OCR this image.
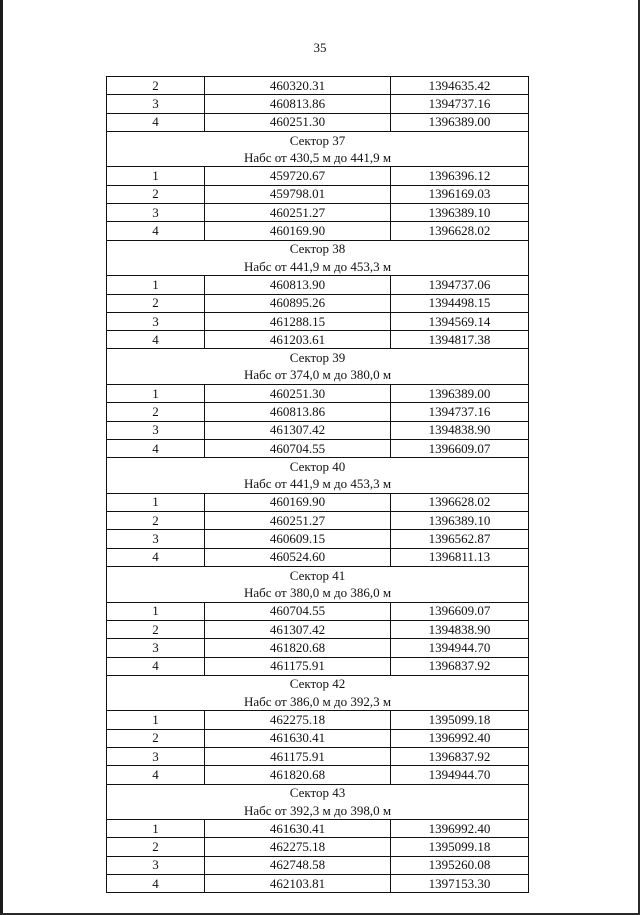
35
2	460320.31	1394635.42
3	460813.86	1394737.16
4	460251.30	1396389.00
Сектор 37		
Набс от 430,5 м до 441,9 м		
1	459720.67	1396396.12
2	459798.01	1396169.03
3	460251.27	1396389.10
4	460169.90	1396628.02
Сектор 38		
Набс от 441,9 м до 453,3 м		
1	460813.90	1394737.06
2	460895.26	1394498.15
3	461288.15	1394569.14
4	461203.61	1394817.38
Сектор 39		
Набс от 374,0 м до 380,0 м		
1	460251.30	1396389.00
2	460813.86	1394737.16
3	461307.42	1394838.90
4	460704.55	1396609.07
Сектор 40		
Набс от 441,9 м до 453,3 м		
1	460169.90	1396628.02
2	460251.27	1396389.10
3	460609.15	1396562.87
4	460524.60	1396811.13
Сектор 41		
Набс от 380,0 м до 386,0 м		
1	460704.55	1396609.07
2	461307.42	1394838.90
3	461820.68	1394944.70
4	461175.91	1396837.92
Сектор 42		
Набс от 386,0 м до 392,3 м		
1	462275.18	1395099.18
2	461630.41	1396992.40
3	461175.91	1396837.92
4	461820.68	1394944.70
Сектор 43		
Набс от 392,3 м до 398,0 м		
1	461630.41	1396992.40
2	462275.18	1395099.18
3	462748.58	1395260.08
4	462103.81	1397153.30
